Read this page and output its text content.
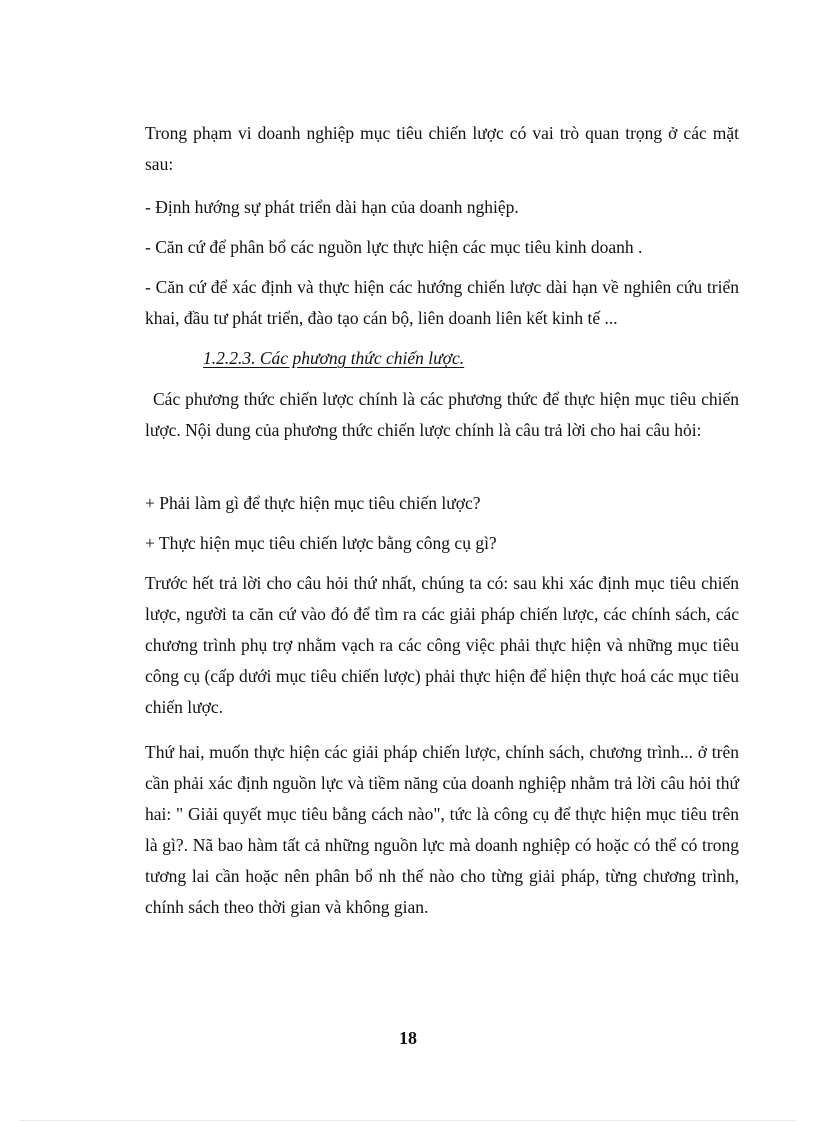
Trong phạm vi doanh nghiệp mục tiêu chiến lược có vai trò quan trọng ở các mặt sau:

- Định hướng sự phát triển dài hạn của doanh nghiệp.

- Căn cứ để phân bổ các nguồn lực thực hiện các mục tiêu kinh doanh .

- Căn cứ để xác định và thực hiện các hướng chiến lược dài hạn về nghiên cứu triển khai, đầu tư phát triển, đào tạo cán bộ, liên doanh liên kết kinh tế ...

1.2.2.3. Các phương thức chiến lược.

Các phương thức chiến lược chính là các phương thức để thực hiện mục tiêu chiến lược. Nội dung của phương thức chiến lược chính là câu trả lời cho hai câu hỏi:

+ Phải làm gì để thực hiện mục tiêu chiến lược?

+ Thực hiện mục tiêu chiến lược bằng công cụ gì?

Trước hết trả lời cho câu hỏi thứ nhất, chúng ta có: sau khi xác định mục tiêu chiến lược, người ta căn cứ vào đó để tìm ra các giải pháp chiến lược, các chính sách, các chương trình phụ trợ nhằm vạch ra các công việc phải thực hiện và những mục tiêu công cụ (cấp dưới mục tiêu chiến lược) phải thực hiện để hiện thực hoá các mục tiêu chiến lược.

Thứ hai, muốn thực hiện các giải pháp chiến lược, chính sách, chương trình... ở trên cần phải xác định nguồn lực và tiềm năng của doanh nghiệp nhằm trả lời câu hỏi thứ hai: " Giải quyết mục tiêu bằng cách nào", tức là công cụ để thực hiện mục tiêu trên là gì?. Nã bao hàm tất cả những nguồn lực mà doanh nghiệp có hoặc có thể có trong tương lai cần hoặc nên phân bổ nh thế nào cho từng giải pháp, từng chương trình, chính sách theo thời gian và không gian.

18
